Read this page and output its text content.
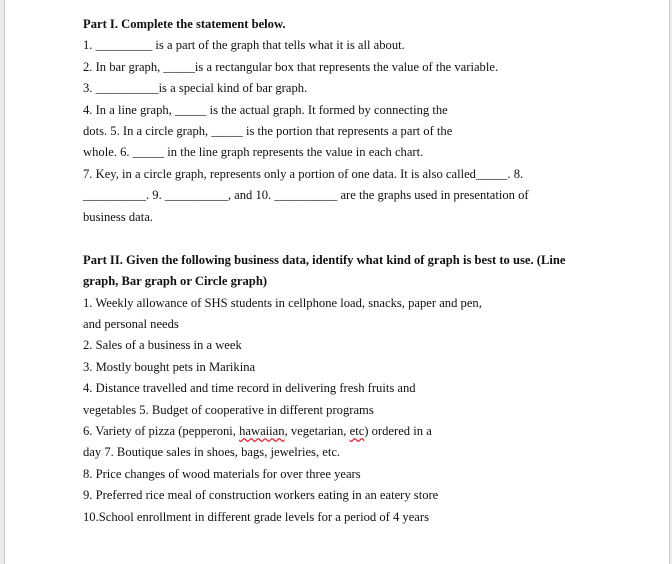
Part I. Complete the statement below.
1. _________ is a part of the graph that tells what it is all about.
2. In bar graph, _____is a rectangular box that represents the value of the variable.
3. __________is a special kind of bar graph.
4. In a line graph, _____ is the actual graph. It formed by connecting the
dots. 5. In a circle graph, _____ is the portion that represents a part of the
whole. 6. _____ in the line graph represents the value in each chart.
7. Key, in a circle graph, represents only a portion of one data. It is also called_____. 8.
__________. 9. __________, and 10. __________ are the graphs used in presentation of
business data.
Part II. Given the following business data, identify what kind of graph is best to use. (Line
graph, Bar graph or Circle graph)
1. Weekly allowance of SHS students in cellphone load, snacks, paper and pen,
and personal needs
2. Sales of a business in a week
3. Mostly bought pets in Marikina
4. Distance travelled and time record in delivering fresh fruits and
vegetables 5. Budget of cooperative in different programs
6. Variety of pizza (pepperoni, hawaiian, vegetarian, etc) ordered in a
day 7. Boutique sales in shoes, bags, jewelries, etc.
8. Price changes of wood materials for over three years
9. Preferred rice meal of construction workers eating in an eatery store
10.School enrollment in different grade levels for a period of 4 years
